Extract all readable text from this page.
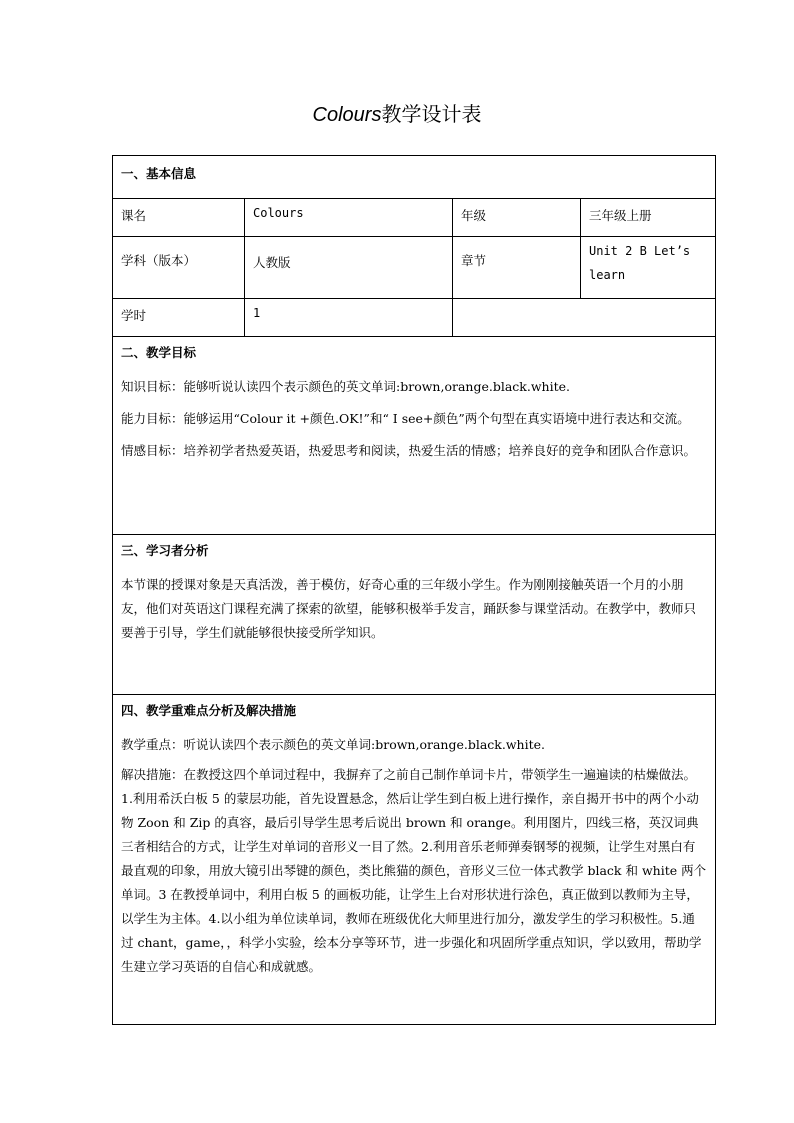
Colours教学设计表
一、基本信息			
课名	Colours	年级	三年级上册
学科（版本）	人教版	章节	Unit 2 B Let’s learn
学时	1		

二、教学目标
知识目标：能够听说认读四个表示颜色的英文单词:brown,orange.black.white.
能力目标：能够运用“Colour it +颜色.OK!”和“ I see+颜色”两个句型在真实语境中进行表达和交流。
情感目标：培养初学者热爱英语，热爱思考和阅读，热爱生活的情感；培养良好的竞争和团队合作意识。			

三、学习者分析
本节课的授课对象是天真活泼，善于模仿，好奇心重的三年级小学生。作为刚刚接触英语一个月的小朋友，他们对英语这门课程充满了探索的欲望，能够积极举手发言，踊跃参与课堂活动。在教学中，教师只要善于引导，学生们就能够很快接受所学知识。			

四、教学重难点分析及解决措施
教学重点：听说认读四个表示颜色的英文单词:brown,orange.black.white.
解决措施：在教授这四个单词过程中，我摒弃了之前自己制作单词卡片，带领学生一遍遍读的枯燥做法。1.利用希沃白板 5 的蒙层功能，首先设置悬念，然后让学生到白板上进行操作，亲自揭开书中的两个小动物 Zoon 和 Zip 的真容，最后引导学生思考后说出 brown 和 orange。利用图片，四线三格，英汉词典三者相结合的方式，让学生对单词的音形义一目了然。2.利用音乐老师弹奏钢琴的视频，让学生对黑白有最直观的印象，用放大镜引出琴键的颜色，类比熊猫的颜色，音形义三位一体式教学 black 和 white 两个单词。3 在教授单词中，利用白板 5 的画板功能，让学生上台对形状进行涂色，真正做到以教师为主导，以学生为主体。4.以小组为单位读单词，教师在班级优化大师里进行加分，激发学生的学习积极性。5.通过 chant，game，，科学小实验，绘本分享等环节，进一步强化和巩固所学重点知识，学以致用，帮助学生建立学习英语的自信心和成就感。			
